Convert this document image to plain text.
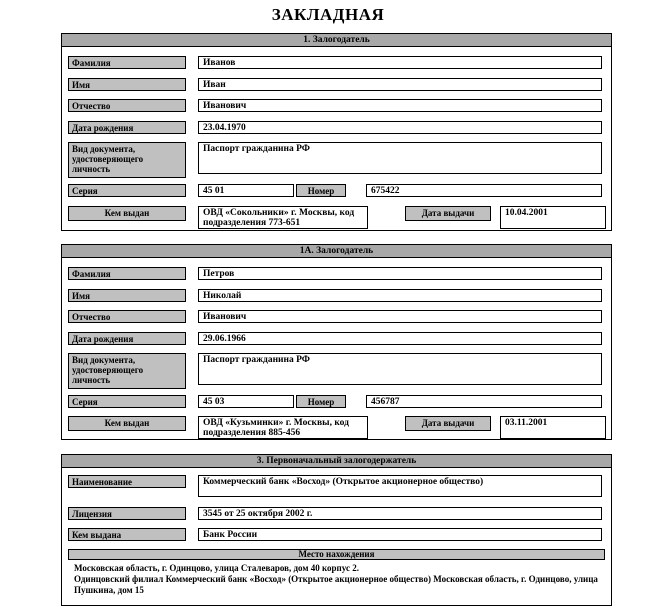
ЗАКЛАДНАЯ
1. Залогодатель
Фамилия	Иванов
Имя	Иван
Отчество	Иванович
Дата рождения	23.04.1970
Вид документа, удостоверяющего личность
Паспорт гражданина РФ
Серия	45 01	Номер	675422
Кем выдан	ОВД «Сокольники» г. Москвы, код подразделения 773-651
Дата выдачи	10.04.2001
1А. Залогодатель
Фамилия	Петров
Имя	Николай
Отчество	Иванович
Дата рождения	29.06.1966
Вид документа, удостоверяющего личность
Паспорт гражданина РФ
Серия	45 03	Номер	456787
Кем выдан	ОВД «Кузьминки» г. Москвы, код подразделения 885-456
Дата выдачи	03.11.2001
3. Первоначальный залогодержатель
Наименование	Коммерческий банк «Восход» (Открытое акционерное общество)
Лицензия	3545 от 25 октября 2002 г.
Кем выдана	Банк России
Место нахождения
Московская область, г. Одинцово, улица Сталеваров, дом 40 корпус 2.
Одинцовский филиал Коммерческий банк «Восход» (Открытое акционерное общество) Московская область, г. Одинцово, улица Пушкина, дом 15
